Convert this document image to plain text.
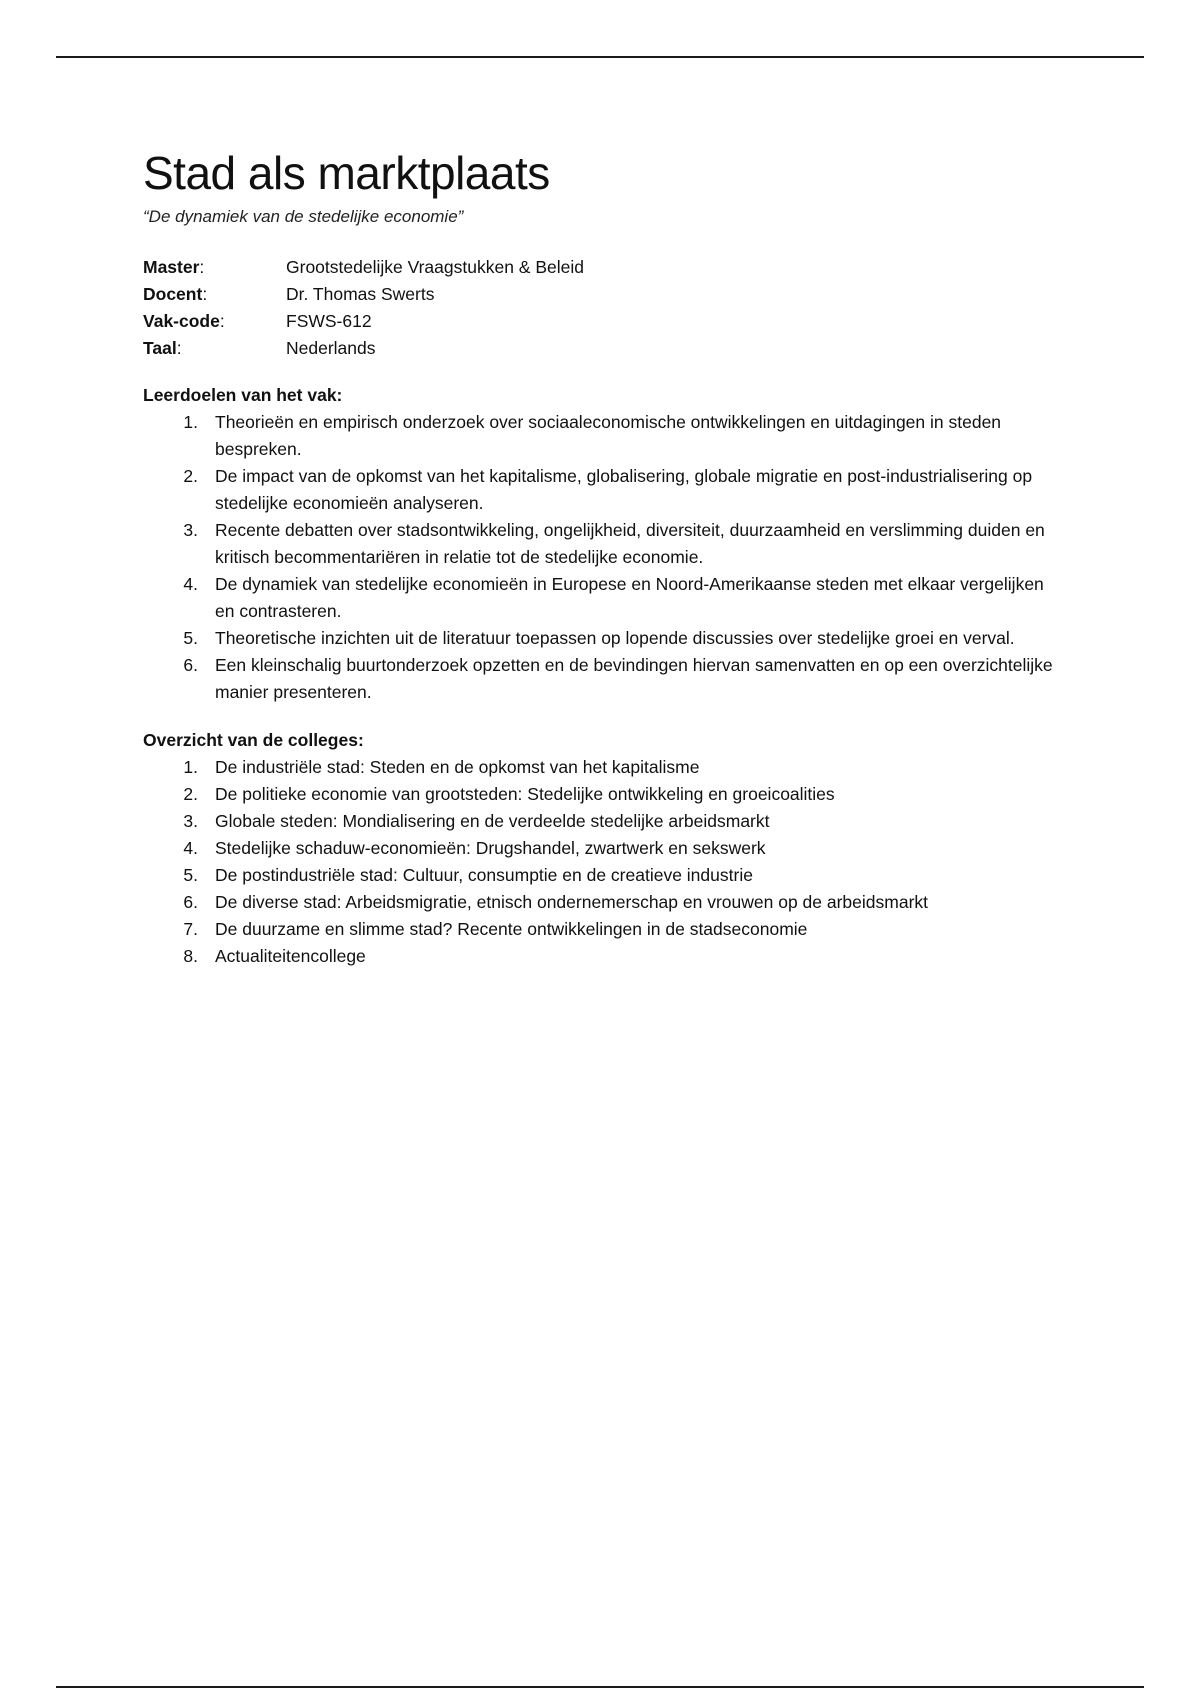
Stad als marktplaats

“De dynamiek van de stedelijke economie”

Master:	Grootstedelijke Vraagstukken & Beleid
Docent:	Dr. Thomas Swerts
Vak-code:	FSWS-612
Taal:	Nederlands
Leerdoelen van het vak:
1. Theorieën en empirisch onderzoek over sociaaleconomische ontwikkelingen en uitdagingen in steden bespreken.
2. De impact van de opkomst van het kapitalisme, globalisering, globale migratie en post-industrialisering op stedelijke economieën analyseren.
3. Recente debatten over stadsontwikkeling, ongelijkheid, diversiteit, duurzaamheid en verslimming duiden en kritisch becommentariëren in relatie tot de stedelijke economie.
4. De dynamiek van stedelijke economieën in Europese en Noord-Amerikaanse steden met elkaar vergelijken en contrasteren.
5. Theoretische inzichten uit de literatuur toepassen op lopende discussies over stedelijke groei en verval.
6. Een kleinschalig buurtonderzoek opzetten en de bevindingen hiervan samenvatten en op een overzichtelijke manier presenteren.
Overzicht van de colleges:
1. De industriële stad: Steden en de opkomst van het kapitalisme
2. De politieke economie van grootsteden: Stedelijke ontwikkeling en groeicoalities
3. Globale steden: Mondialisering en de verdeelde stedelijke arbeidsmarkt
4. Stedelijke schaduw-economieën: Drugshandel, zwartwerk en sekswerk
5. De postindustriële stad: Cultuur, consumptie en de creatieve industrie
6. De diverse stad: Arbeidsmigratie, etnisch ondernemerschap en vrouwen op de arbeidsmarkt
7. De duurzame en slimme stad? Recente ontwikkelingen in de stadseconomie
8. Actualiteitencollege
